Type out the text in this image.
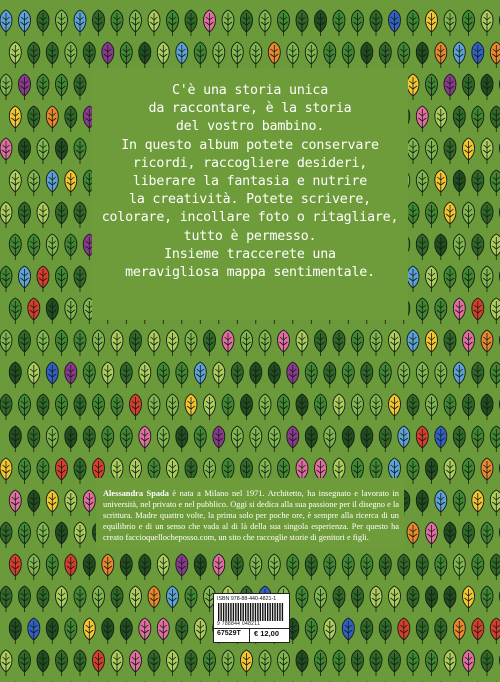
C'è una storia unica
da raccontare, è la storia
del vostro bambino.
In questo album potete conservare
ricordi, raccogliere desideri,
liberare la fantasia e nutrire
la creatività. Potete scrivere,
colorare, incollare foto o ritagliare,
tutto è permesso.
Insieme traccerete una
meravigliosa mappa sentimentale.

Alessandra Spada è nata a Milano nel 1971. Architetto, ha insegnato e lavorato in università, nel privato e nel pubblico. Oggi si dedica alla sua passione per il disegno e la scrittura. Madre quattro volte, la prima solo per poche ore, è sempre alla ricerca di un equilibrio e di un senso che vada al di là della sua singola esperienza. Per questo ha creato faccioquellochepossо.com, un sito che raccoglie storie di genitori e figli.

ISBN 978-88-440-4821-1
9 788844 048211
67529T € 12,00
